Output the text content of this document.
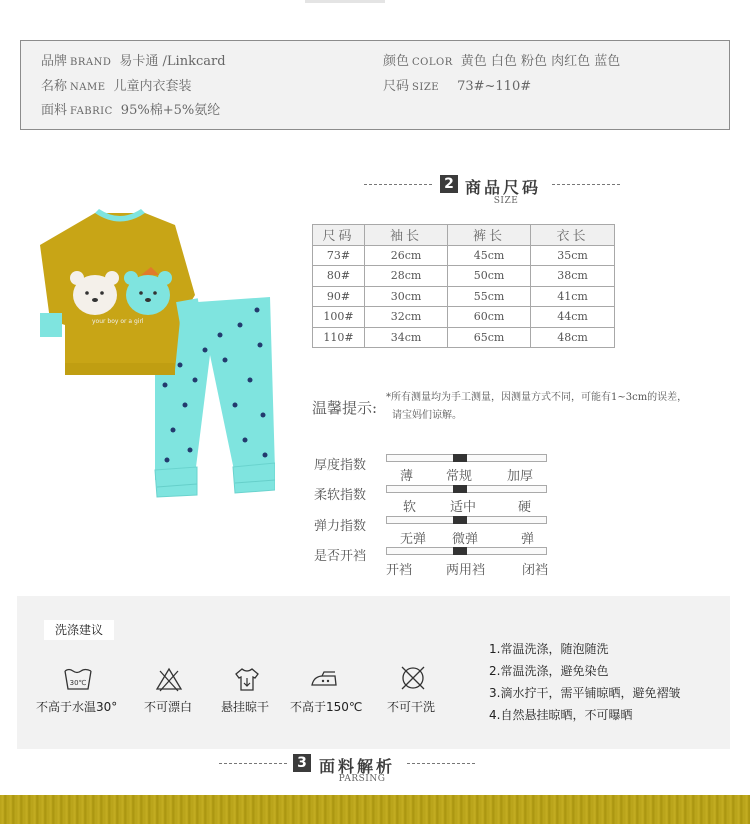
品牌 BRAND 易卡通 /Linkcard
名称 NAME 儿童内衣套装
面料 FABRIC 95%棉+5%氨纶
颜色 COLOR 黄色 白色 粉色 肉红色 蓝色
尺码 SIZE 73#~110#
2 商品尺码
SIZE
your boy or a girl
尺码	袖长	裤长	衣长
73#	26cm	45cm	35cm
80#	28cm	50cm	38cm
90#	30cm	55cm	41cm
100#	32cm	60cm	44cm
110#	34cm	65cm	48cm
温馨提示:
*所有测量均为手工测量，因测量方式不同，可能有1~3cm的误差，
请宝妈们谅解。
厚度指数
薄	常规	加厚
柔软指数
软	适中	硬
弹力指数
无弹 微弹	弹
是否开裆
开裆	两用裆	闭裆
洗涤建议
30℃
不高于水温30° 不可漂白 悬挂晾干 不高于150℃ 不可干洗
1.常温洗涤，随泡随洗
2.常温洗涤，避免染色
3.滴水拧干，需平铺晾晒，避免褶皱
4.自然悬挂晾晒，不可曝晒
3 面料解析
PARSING
